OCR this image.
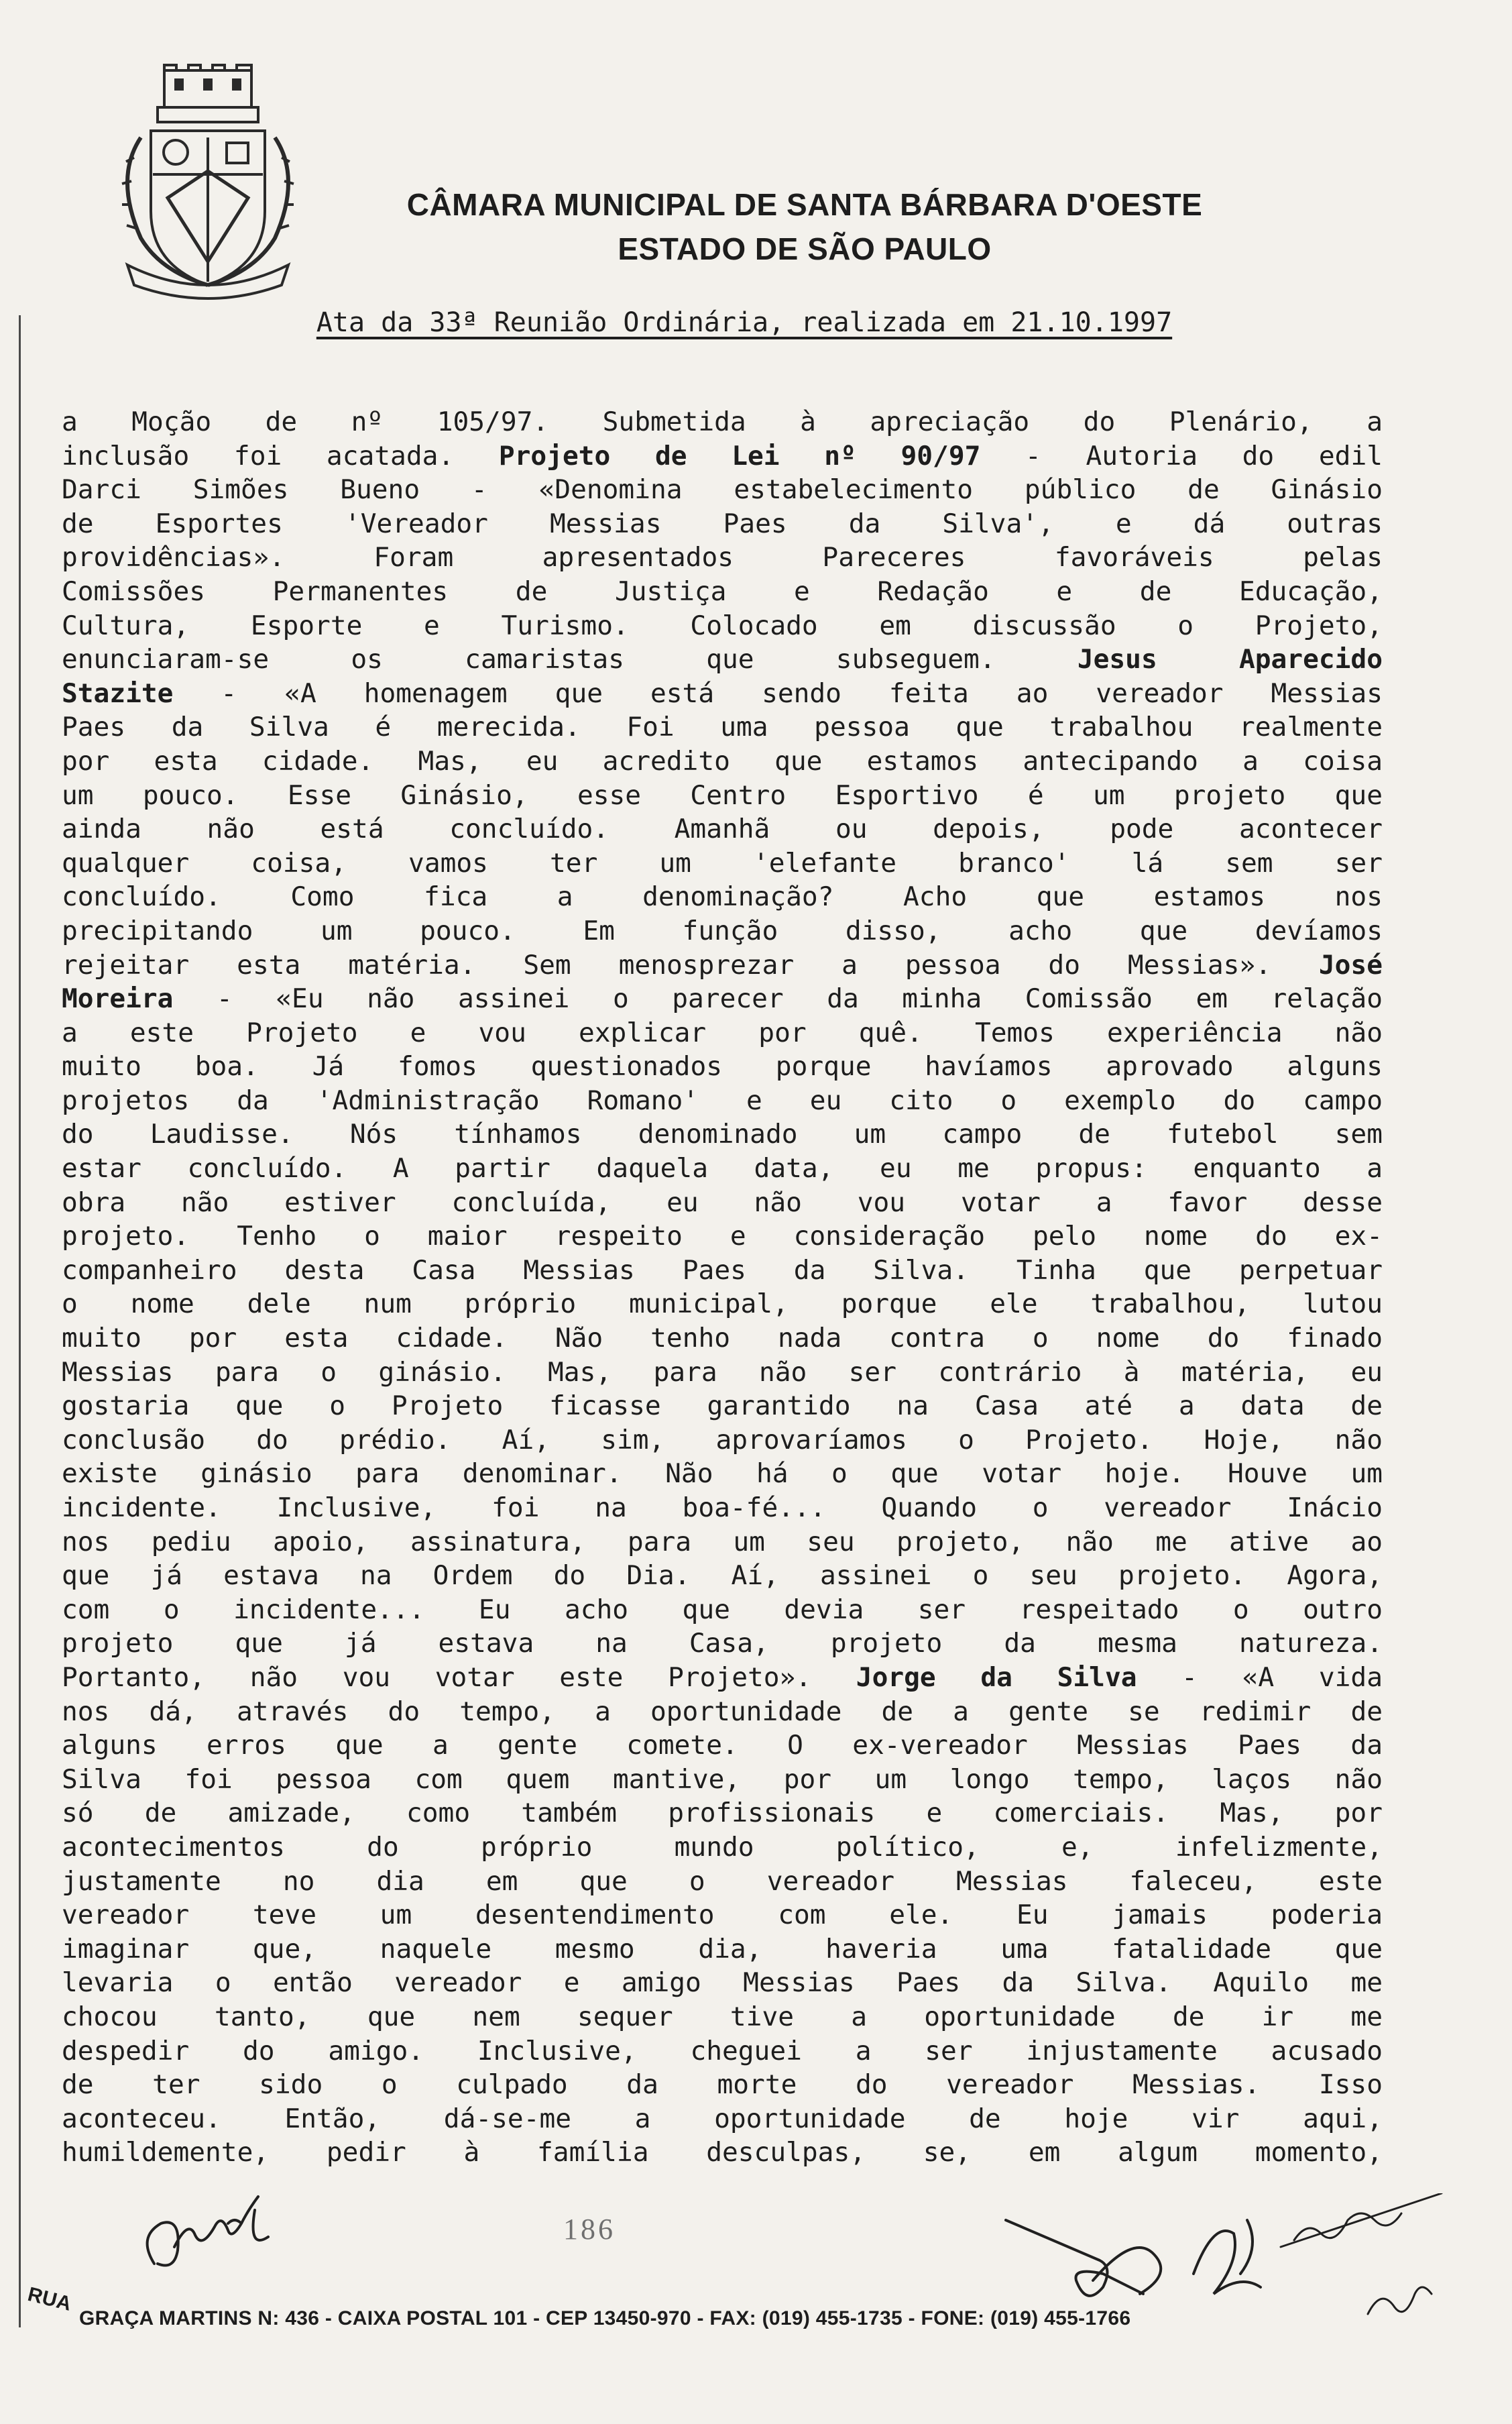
CÂMARA MUNICIPAL DE SANTA BÁRBARA D'OESTE
ESTADO DE SÃO PAULO
Ata da 33ª Reunião Ordinária, realizada em 21.10.1997
a Moção de nº 105/97. Submetida à apreciação do Plenário, a
inclusão foi acatada. Projeto de Lei nº 90/97 - Autoria do edil
Darci Simões Bueno - «Denomina estabelecimento público de Ginásio
de Esportes 'Vereador Messias Paes da Silva', e dá outras
providências». Foram apresentados Pareceres favoráveis pelas
Comissões Permanentes de Justiça e Redação e de Educação,
Cultura, Esporte e Turismo. Colocado em discussão o Projeto,
enunciaram-se os camaristas que subseguem. Jesus Aparecido
Stazite - «A homenagem que está sendo feita ao vereador Messias
Paes da Silva é merecida. Foi uma pessoa que trabalhou realmente
por esta cidade. Mas, eu acredito que estamos antecipando a coisa
um pouco. Esse Ginásio, esse Centro Esportivo é um projeto que
ainda não está concluído. Amanhã ou depois, pode acontecer
qualquer coisa, vamos ter um 'elefante branco' lá sem ser
concluído. Como fica a denominação? Acho que estamos nos
precipitando um pouco. Em função disso, acho que devíamos
rejeitar esta matéria. Sem menosprezar a pessoa do Messias». José
Moreira - «Eu não assinei o parecer da minha Comissão em relação
a este Projeto e vou explicar por quê. Temos experiência não
muito boa. Já fomos questionados porque havíamos aprovado alguns
projetos da 'Administração Romano' e eu cito o exemplo do campo
do Laudisse. Nós tínhamos denominado um campo de futebol sem
estar concluído. A partir daquela data, eu me propus: enquanto a
obra não estiver concluída, eu não vou votar a favor desse
projeto. Tenho o maior respeito e consideração pelo nome do ex-
companheiro desta Casa Messias Paes da Silva. Tinha que perpetuar
o nome dele num próprio municipal, porque ele trabalhou, lutou
muito por esta cidade. Não tenho nada contra o nome do finado
Messias para o ginásio. Mas, para não ser contrário à matéria, eu
gostaria que o Projeto ficasse garantido na Casa até a data de
conclusão do prédio. Aí, sim, aprovaríamos o Projeto. Hoje, não
existe ginásio para denominar. Não há o que votar hoje. Houve um
incidente. Inclusive, foi na boa-fé... Quando o vereador Inácio
nos pediu apoio, assinatura, para um seu projeto, não me ative ao
que já estava na Ordem do Dia. Aí, assinei o seu projeto. Agora,
com o incidente... Eu acho que devia ser respeitado o outro
projeto que já estava na Casa, projeto da mesma natureza.
Portanto, não vou votar este Projeto». Jorge da Silva - «A vida
nos dá, através do tempo, a oportunidade de a gente se redimir de
alguns erros que a gente comete. O ex-vereador Messias Paes da
Silva foi pessoa com quem mantive, por um longo tempo, laços não
só de amizade, como também profissionais e comerciais. Mas, por
acontecimentos do próprio mundo político, e, infelizmente,
justamente no dia em que o vereador Messias faleceu, este
vereador teve um desentendimento com ele. Eu jamais poderia
imaginar que, naquele mesmo dia, haveria uma fatalidade que
levaria o então vereador e amigo Messias Paes da Silva. Aquilo me
chocou tanto, que nem sequer tive a oportunidade de ir me
despedir do amigo. Inclusive, cheguei a ser injustamente acusado
de ter sido o culpado da morte do vereador Messias. Isso
aconteceu. Então, dá-se-me a oportunidade de hoje vir aqui,
humildemente, pedir à família desculpas, se, em algum momento,
186
RUA
GRAÇA MARTINS N: 436 - CAIXA POSTAL 101 - CEP 13450-970 - FAX: (019) 455-1735 - FONE: (019) 455-1766
